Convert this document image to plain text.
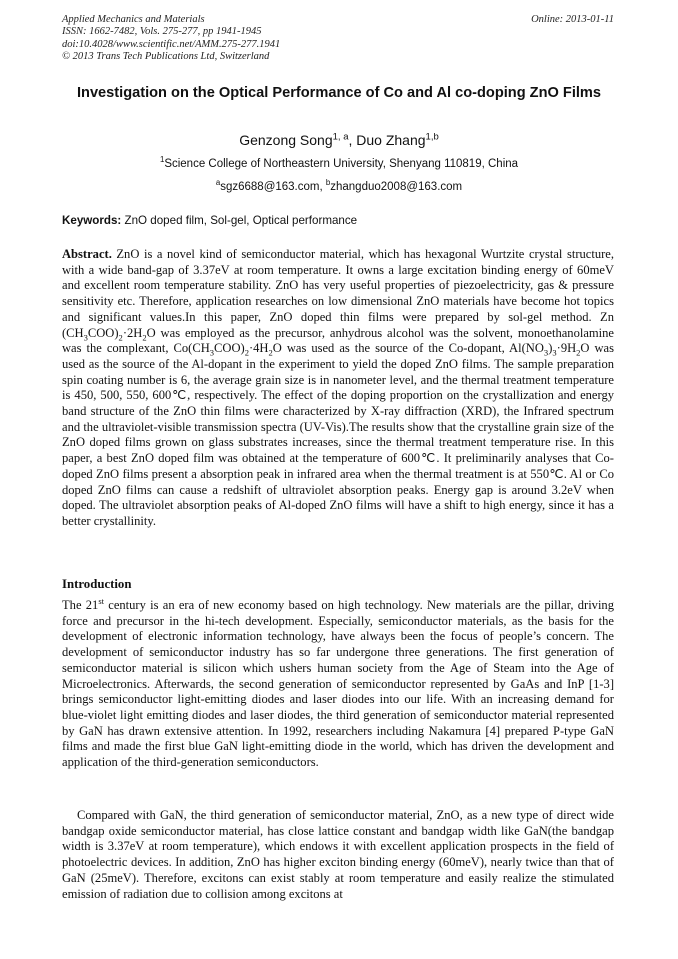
Applied Mechanics and Materials
ISSN: 1662-7482, Vols. 275-277, pp 1941-1945
doi:10.4028/www.scientific.net/AMM.275-277.1941
© 2013 Trans Tech Publications Ltd, Switzerland
Online: 2013-01-11
Investigation on the Optical Performance of Co and Al co-doping ZnO Films
Genzong Song$^{1, a}$, Duo Zhang$^{1,b}$
$^1$Science College of Northeastern University, Shenyang 110819, China
$^a$sgz6688@163.com, $^b$zhangduo2008@163.com
Keywords: ZnO doped film, Sol-gel, Optical performance
Abstract. ZnO is a novel kind of semiconductor material, which has hexagonal Wurtzite crystal structure, with a wide band-gap of 3.37eV at room temperature. It owns a large excitation binding energy of 60meV and excellent room temperature stability. ZnO has very useful properties of piezoelectricity, gas & pressure sensitivity etc. Therefore, application researches on low dimensional ZnO materials have become hot topics and significant values.In this paper, ZnO doped thin films were prepared by sol-gel method. Zn $(CH_3COO)_2\cdot 2H_2O$ was employed as the precursor, anhydrous alcohol was the solvent, monoethanolamine was the complexant, $Co(CH_3COO)_2\cdot 4H_2O$ was used as the source of the Co-dopant, $Al(NO_3)_3\cdot 9H_2O$ was used as the source of the Al-dopant in the experiment to yield the doped ZnO films. The sample preparation spin coating number is 6, the average grain size is in nanometer level, and the thermal treatment temperature is 450, 500, 550, 600℃, respectively. The effect of the doping proportion on the crystallization and energy band structure of the ZnO thin films were characterized by X-ray diffraction (XRD), the Infrared spectrum and the ultraviolet-visible transmission spectra (UV-Vis).The results show that the crystalline grain size of the ZnO doped films grown on glass substrates increases, since the thermal treatment temperature rise. In this paper, a best ZnO doped film was obtained at the temperature of 600℃. It preliminarily analyses that Co-doped ZnO films present a absorption peak in infrared area when the thermal treatment is at 550℃. Al or Co doped ZnO films can cause a redshift of ultraviolet absorption peaks. Energy gap is around 3.2eV when doped. The ultraviolet absorption peaks of Al-doped ZnO films will have a shift to high energy, since it has a better crystallinity.
Introduction
The 21st century is an era of new economy based on high technology. New materials are the pillar, driving force and precursor in the hi-tech development. Especially, semiconductor materials, as the basis for the development of electronic information technology, have always been the focus of people’s concern. The development of semiconductor industry has so far undergone three generations. The first generation of semiconductor material is silicon which ushers human society from the Age of Steam into the Age of Microelectronics. Afterwards, the second generation of semiconductor represented by GaAs and InP [1-3] brings semiconductor light-emitting diodes and laser diodes into our life. With an increasing demand for blue-violet light emitting diodes and laser diodes, the third generation of semiconductor material represented by GaN has drawn extensive attention. In 1992, researchers including Nakamura [4] prepared P-type GaN films and made the first blue GaN light-emitting diode in the world, which has driven the development and application of the third-generation semiconductors.
Compared with GaN, the third generation of semiconductor material, ZnO, as a new type of direct wide bandgap oxide semiconductor material, has close lattice constant and bandgap width like GaN(the bandgap width is 3.37eV at room temperature), which endows it with excellent application prospects in the field of photoelectric devices. In addition, ZnO has higher exciton binding energy (60meV), nearly twice than that of GaN (25meV). Therefore, excitons can exist stably at room temperature and easily realize the stimulated emission of radiation due to collision among excitons at
